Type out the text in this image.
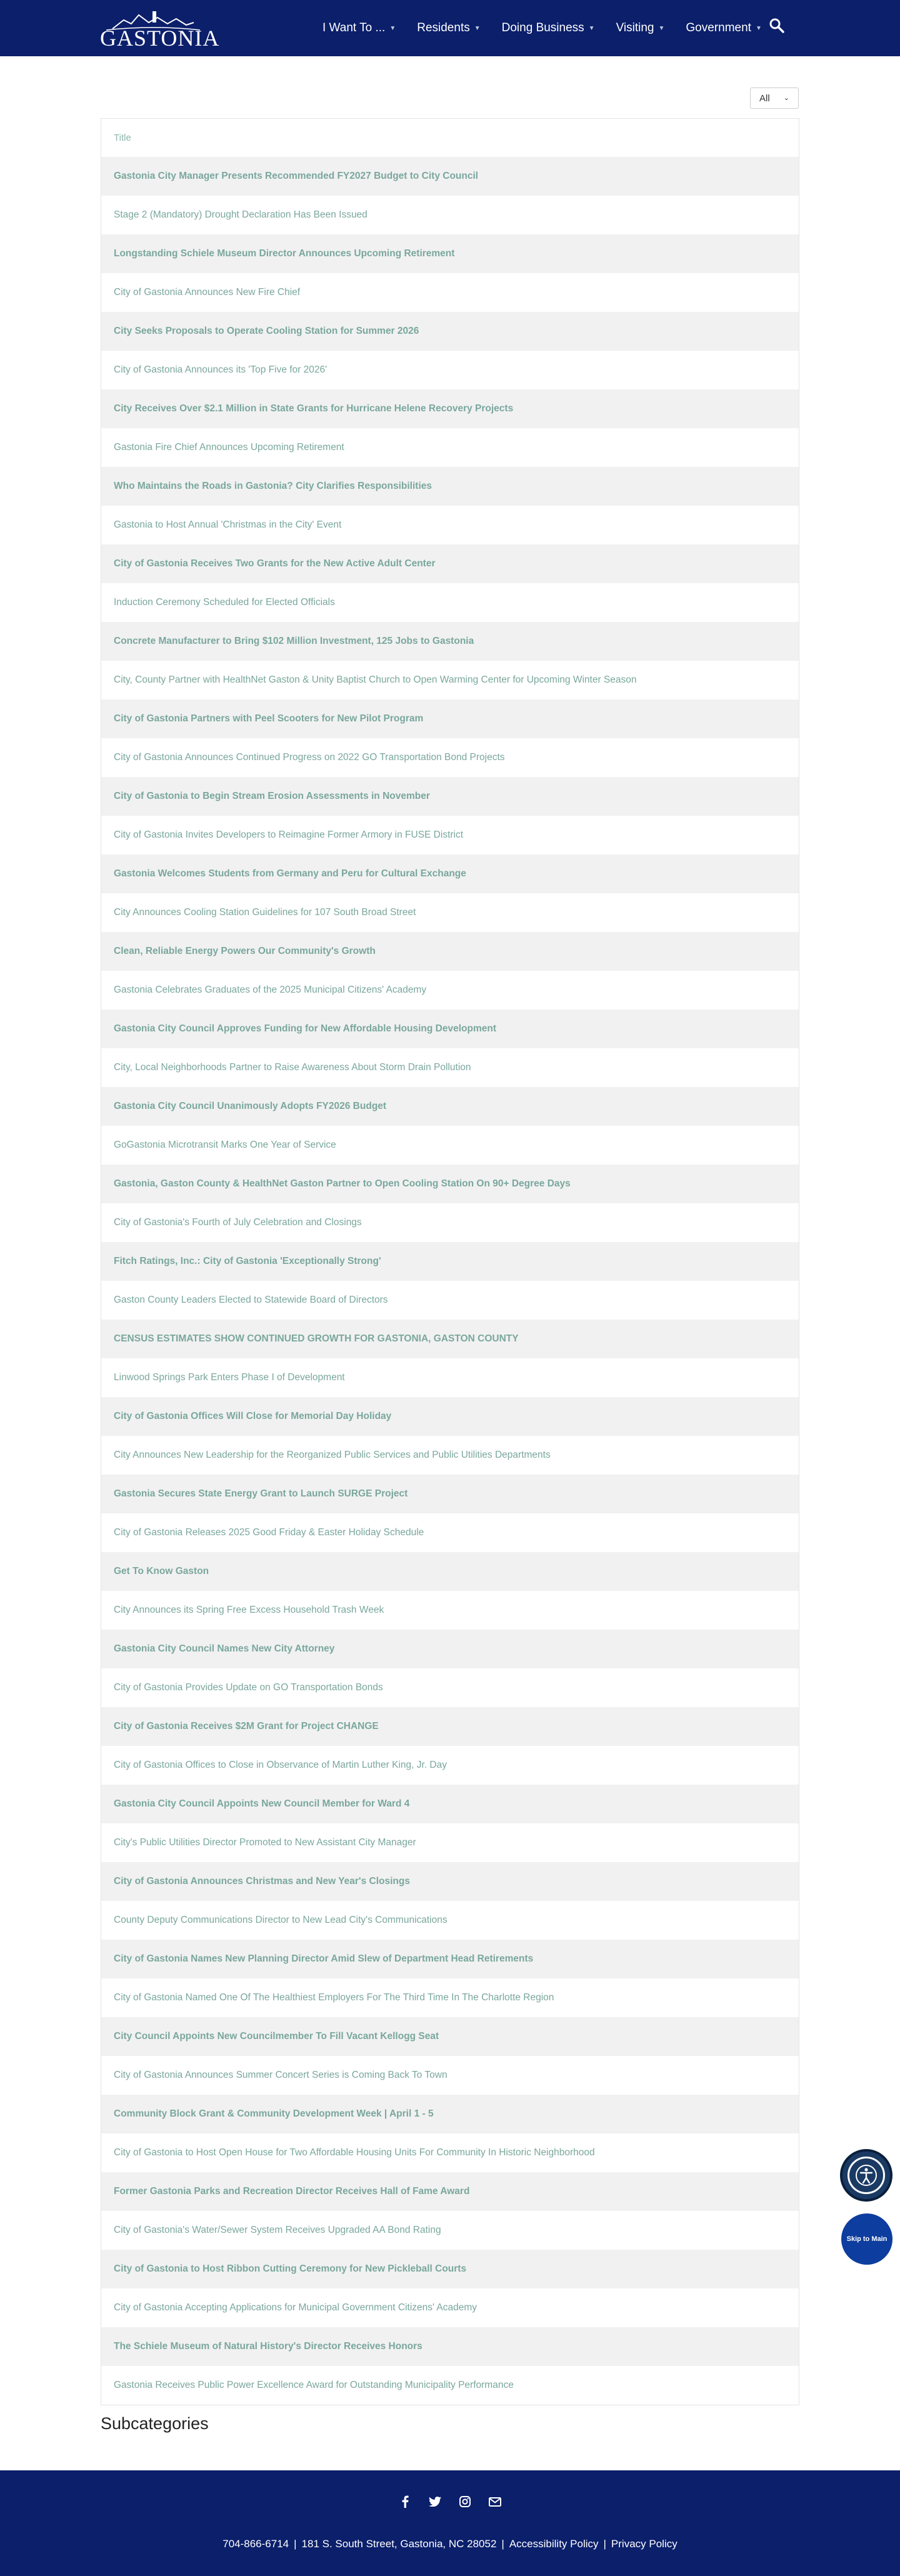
GASTONIA	I Want To ... ▼ Residents ▼ Doing Business ▼ Visiting ▼ Government ▼
All ⌄
Title
Gastonia City Manager Presents Recommended FY2027 Budget to City Council
Stage 2 (Mandatory) Drought Declaration Has Been Issued
Longstanding Schiele Museum Director Announces Upcoming Retirement
City of Gastonia Announces New Fire Chief
City Seeks Proposals to Operate Cooling Station for Summer 2026
City of Gastonia Announces its 'Top Five for 2026'
City Receives Over $2.1 Million in State Grants for Hurricane Helene Recovery Projects
Gastonia Fire Chief Announces Upcoming Retirement
Who Maintains the Roads in Gastonia? City Clarifies Responsibilities
Gastonia to Host Annual 'Christmas in the City' Event
City of Gastonia Receives Two Grants for the New Active Adult Center
Induction Ceremony Scheduled for Elected Officials
Concrete Manufacturer to Bring $102 Million Investment, 125 Jobs to Gastonia
City, County Partner with HealthNet Gaston & Unity Baptist Church to Open Warming Center for Upcoming Winter Season
City of Gastonia Partners with Peel Scooters for New Pilot Program
City of Gastonia Announces Continued Progress on 2022 GO Transportation Bond Projects
City of Gastonia to Begin Stream Erosion Assessments in November
City of Gastonia Invites Developers to Reimagine Former Armory in FUSE District
Gastonia Welcomes Students from Germany and Peru for Cultural Exchange
City Announces Cooling Station Guidelines for 107 South Broad Street
Clean, Reliable Energy Powers Our Community's Growth
Gastonia Celebrates Graduates of the 2025 Municipal Citizens' Academy
Gastonia City Council Approves Funding for New Affordable Housing Development
City, Local Neighborhoods Partner to Raise Awareness About Storm Drain Pollution
Gastonia City Council Unanimously Adopts FY2026 Budget
GoGastonia Microtransit Marks One Year of Service
Gastonia, Gaston County & HealthNet Gaston Partner to Open Cooling Station On 90+ Degree Days
City of Gastonia's Fourth of July Celebration and Closings
Fitch Ratings, Inc.: City of Gastonia 'Exceptionally Strong'
Gaston County Leaders Elected to Statewide Board of Directors
CENSUS ESTIMATES SHOW CONTINUED GROWTH FOR GASTONIA, GASTON COUNTY
Linwood Springs Park Enters Phase I of Development
City of Gastonia Offices Will Close for Memorial Day Holiday
City Announces New Leadership for the Reorganized Public Services and Public Utilities Departments
Gastonia Secures State Energy Grant to Launch SURGE Project
City of Gastonia Releases 2025 Good Friday & Easter Holiday Schedule
Get To Know Gaston
City Announces its Spring Free Excess Household Trash Week
Gastonia City Council Names New City Attorney
City of Gastonia Provides Update on GO Transportation Bonds
City of Gastonia Receives $2M Grant for Project CHANGE
City of Gastonia Offices to Close in Observance of Martin Luther King, Jr. Day
Gastonia City Council Appoints New Council Member for Ward 4
City's Public Utilities Director Promoted to New Assistant City Manager
City of Gastonia Announces Christmas and New Year's Closings
County Deputy Communications Director to New Lead City's Communications
City of Gastonia Names New Planning Director Amid Slew of Department Head Retirements
City of Gastonia Named One Of The Healthiest Employers For The Third Time In The Charlotte Region
City Council Appoints New Councilmember To Fill Vacant Kellogg Seat
City of Gastonia Announces Summer Concert Series is Coming Back To Town
Community Block Grant & Community Development Week | April 1 - 5
City of Gastonia to Host Open House for Two Affordable Housing Units For Community In Historic Neighborhood
Former Gastonia Parks and Recreation Director Receives Hall of Fame Award
City of Gastonia's Water/Sewer System Receives Upgraded AA Bond Rating
City of Gastonia to Host Ribbon Cutting Ceremony for New Pickleball Courts
City of Gastonia Accepting Applications for Municipal Government Citizens' Academy
The Schiele Museum of Natural History's Director Receives Honors
Gastonia Receives Public Power Excellence Award for Outstanding Municipality Performance
Subcategories
Skip to Main
704-866-6714 | 181 S. South Street, Gastonia, NC 28052 | Accessibility Policy | Privacy Policy
